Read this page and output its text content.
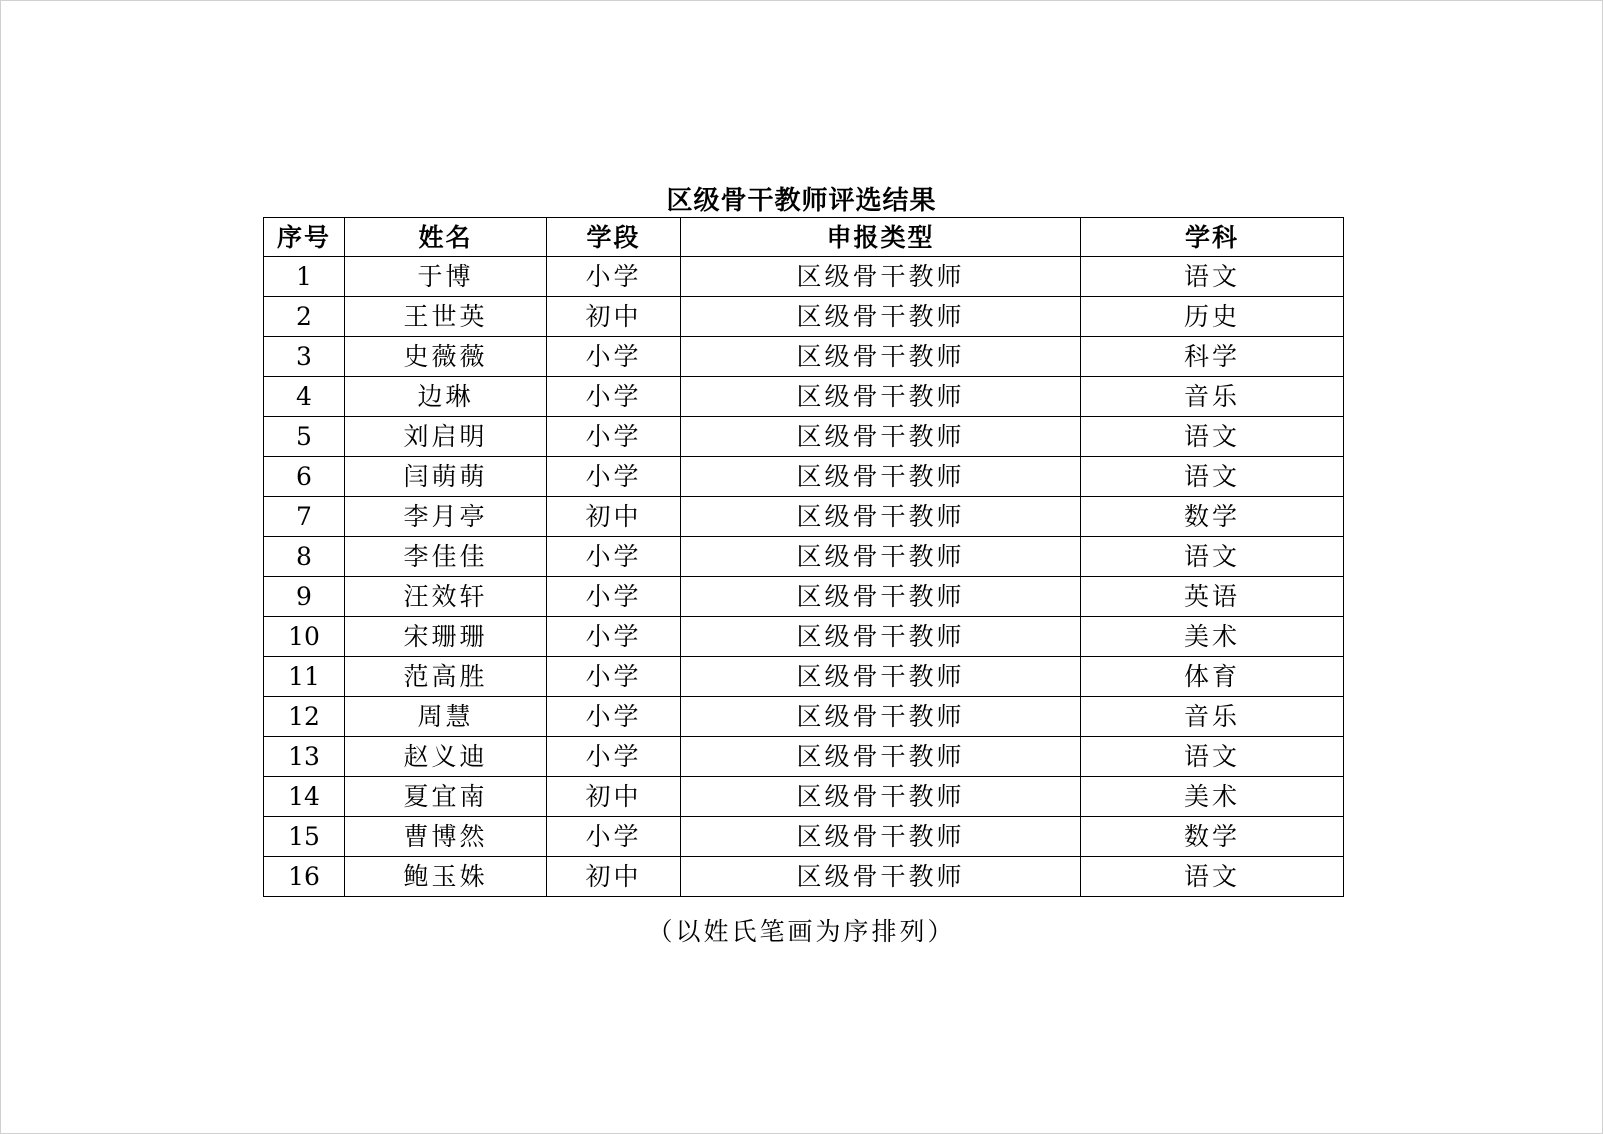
区级骨干教师评选结果
序号	姓名	学段	申报类型	学科
1	于博	小学	区级骨干教师	语文
2	王世英	初中	区级骨干教师	历史
3	史薇薇	小学	区级骨干教师	科学
4	边琳	小学	区级骨干教师	音乐
5	刘启明	小学	区级骨干教师	语文
6	闫萌萌	小学	区级骨干教师	语文
7	李月亭	初中	区级骨干教师	数学
8	李佳佳	小学	区级骨干教师	语文
9	汪效轩	小学	区级骨干教师	英语
10	宋珊珊	小学	区级骨干教师	美术
11	范高胜	小学	区级骨干教师	体育
12	周慧	小学	区级骨干教师	音乐
13	赵义迪	小学	区级骨干教师	语文
14	夏宜南	初中	区级骨干教师	美术
15	曹博然	小学	区级骨干教师	数学
16	鲍玉姝	初中	区级骨干教师	语文
（以姓氏笔画为序排列）
